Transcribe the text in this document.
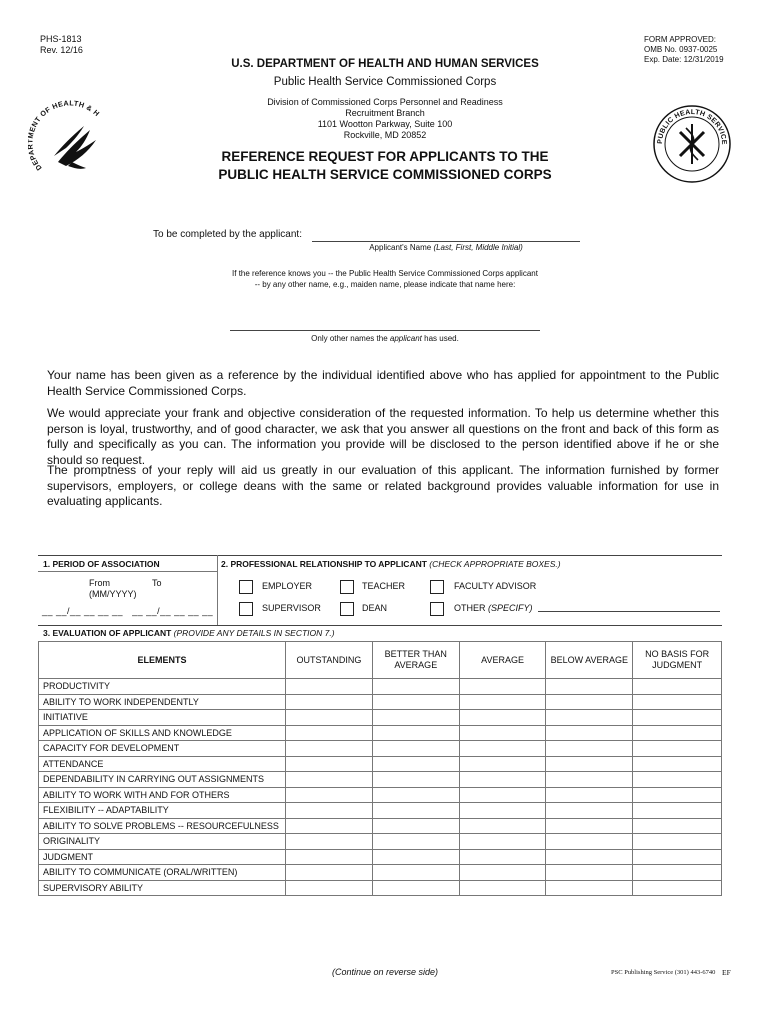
PHS-1813
Rev. 12/16
FORM APPROVED:
OMB No. 0937-0025
Exp. Date: 12/31/2019
DEP ENT OF HEALTH & H
PUBLIC HEALTH SERVICE
U.S. DEPARTMENT OF HEALTH AND HUMAN SERVICES
Public Health Service Commissioned Corps
Division of Commissioned Corps Personnel and Readiness
Recruitment Branch
1101 Wootton Parkway, Suite 100
Rockville, MD 20852
REFERENCE REQUEST FOR APPLICANTS TO THE
PUBLIC HEALTH SERVICE COMMISSIONED CORPS
To be completed by the applicant:
Applicant's Name (Last, First, Middle Initial)
If the reference knows you -- the Public Health Service Commissioned Corps applicant -- by any other name, e.g., maiden name, please indicate that name here:
Only other names the applicant has used.
Your name has been given as a reference by the individual identified above who has applied for appointment to the Public Health Service Commissioned Corps.
We would appreciate your frank and objective consideration of the requested information. To help us determine whether this person is loyal, trustworthy, and of good character, we ask that you answer all questions on the front and back of this form as fully and specifically as you can. The information you provide will be disclosed to the person identified above if he or she should so request.
The promptness of your reply will aid us greatly in our evaluation of this applicant. The information furnished by former supervisors, employers, or college deans with the same or related background provides valuable information for use in evaluating applicants.
1. PERIOD OF ASSOCIATION	2. PROFESSIONAL RELATIONSHIP TO APPLICANT (CHECK APPROPRIATE BOXES.)
From	To
(MM/YYYY)
__ __/__ __ __ __   __ __/__ __ __ __
EMPLOYER	TEACHER	FACULTY ADVISOR
SUPERVISOR	DEAN	OTHER (SPECIFY)
3. EVALUATION OF APPLICANT (PROVIDE ANY DETAILS IN SECTION 7.)
ELEMENTS	OUTSTANDING	BETTER THAN AVERAGE	AVERAGE	BELOW AVERAGE	NO BASIS FOR JUDGMENT
PRODUCTIVITY					
ABILITY TO WORK INDEPENDENTLY					
INITIATIVE					
APPLICATION OF SKILLS AND KNOWLEDGE					
CAPACITY FOR DEVELOPMENT					
ATTENDANCE					
DEPENDABILITY IN CARRYING OUT ASSIGNMENTS					
ABILITY TO WORK WITH AND FOR OTHERS					
FLEXIBILITY -- ADAPTABILITY					
ABILITY TO SOLVE PROBLEMS -- RESOURCEFULNESS					
ORIGINALITY					
JUDGMENT					
ABILITY TO COMMUNICATE (ORAL/WRITTEN)					
SUPERVISORY ABILITY					
(Continue on reverse side)	PSC Publishing Service (301) 443-6740 EF
